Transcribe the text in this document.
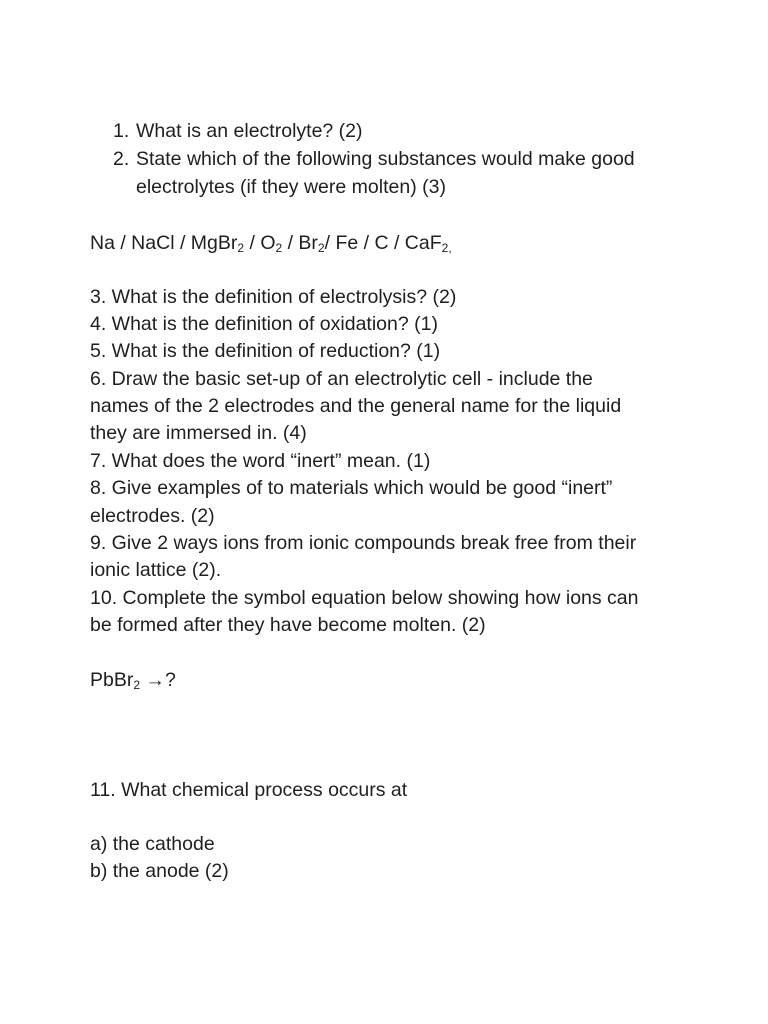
1. What is an electrolyte? (2)
2. State which of the following substances would make good
electrolytes (if they were molten) (3)
Na / NaCl / MgBr$_2$ / $O_2 / Br_2/$ Fe / C / CaF$_{2,}$
3. What is the definition of electrolysis? (2)
4. What is the definition of oxidation? (1)
5. What is the definition of reduction? (1)
6. Draw the basic set-up of an electrolytic cell - include the
names of the 2 electrodes and the general name for the liquid
they are immersed in. (4)
7. What does the word “inert” mean. (1)
8. Give examples of to materials which would be good “inert”
electrodes. (2)
9. Give 2 ways ions from ionic compounds break free from their
ionic lattice (2).
10. Complete the symbol equation below showing how ions can
be formed after they have become molten. (2)
PbBr$_2$ →?
11. What chemical process occurs at
a) the cathode
b) the anode (2)
